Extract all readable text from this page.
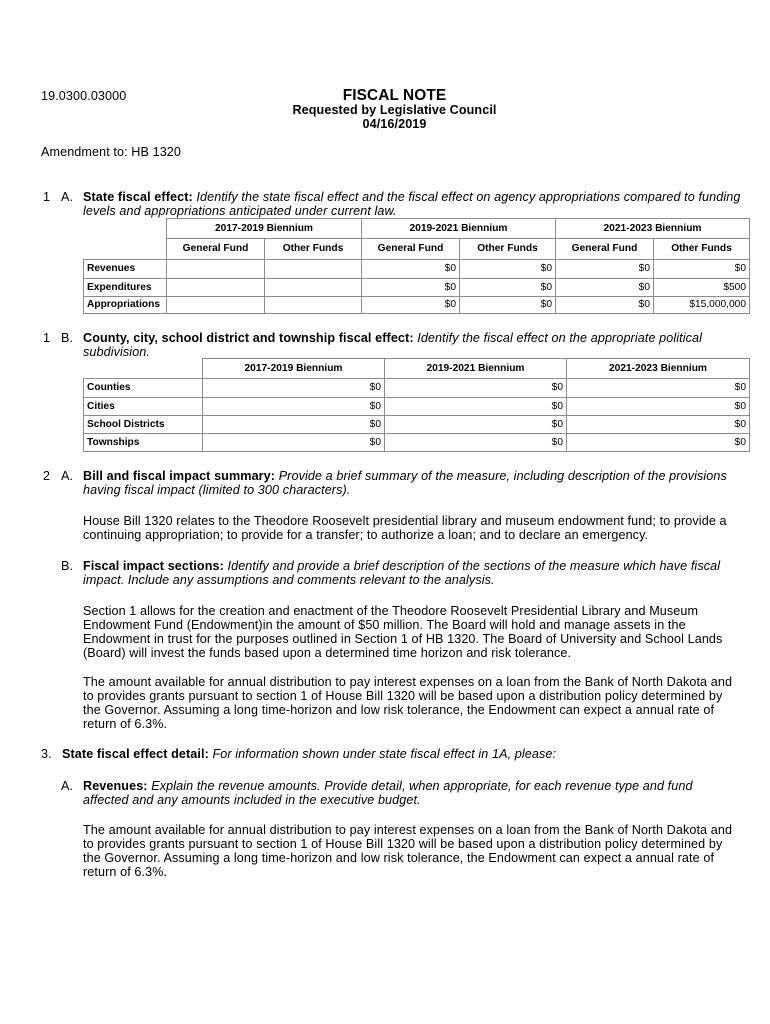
19.0300.03000	FISCAL NOTE
Requested by Legislative Council
04/16/2019
Amendment to: HB 1320
1 A. State fiscal effect: Identify the state fiscal effect and the fiscal effect on agency appropriations compared to funding
levels and appropriations anticipated under current law.
	2017-2019 Biennium		2019-2021 Biennium		2021-2023 Biennium	
	General Fund	Other Funds	General Fund	Other Funds	General Fund	Other Funds
Revenues			$0	$0	$0	$0
Expenditures			$0	$0	$0	$500
Appropriations			$0	$0	$0	$15,000,000
1 B. County, city, school district and township fiscal effect: Identify the fiscal effect on the appropriate political
subdivision.
	2017-2019 Biennium	2019-2021 Biennium	2021-2023 Biennium
Counties	$0	$0	$0
Cities	$0	$0	$0
School Districts	$0	$0	$0
Townships	$0	$0	$0
2 A. Bill and fiscal impact summary: Provide a brief summary of the measure, including description of the provisions
having fiscal impact (limited to 300 characters).
House Bill 1320 relates to the Theodore Roosevelt presidential library and museum endowment fund; to provide a
continuing appropriation; to provide for a transfer; to authorize a loan; and to declare an emergency.
B. Fiscal impact sections: Identify and provide a brief description of the sections of the measure which have fiscal
impact. Include any assumptions and comments relevant to the analysis.
Section 1 allows for the creation and enactment of the Theodore Roosevelt Presidential Library and Museum
Endowment Fund (Endowment)in the amount of $50 million. The Board will hold and manage assets in the
Endowment in trust for the purposes outlined in Section 1 of HB 1320. The Board of University and School Lands
(Board) will invest the funds based upon a determined time horizon and risk tolerance.
The amount available for annual distribution to pay interest expenses on a loan from the Bank of North Dakota and
to provides grants pursuant to section 1 of House Bill 1320 will be based upon a distribution policy determined by
the Governor. Assuming a long time-horizon and low risk tolerance, the Endowment can expect a annual rate of
return of 6.3%.
3. State fiscal effect detail: For information shown under state fiscal effect in 1A, please:
A. Revenues: Explain the revenue amounts. Provide detail, when appropriate, for each revenue type and fund
affected and any amounts included in the executive budget.
The amount available for annual distribution to pay interest expenses on a loan from the Bank of North Dakota and
to provides grants pursuant to section 1 of House Bill 1320 will be based upon a distribution policy determined by
the Governor. Assuming a long time-horizon and low risk tolerance, the Endowment can expect a annual rate of
return of 6.3%.
